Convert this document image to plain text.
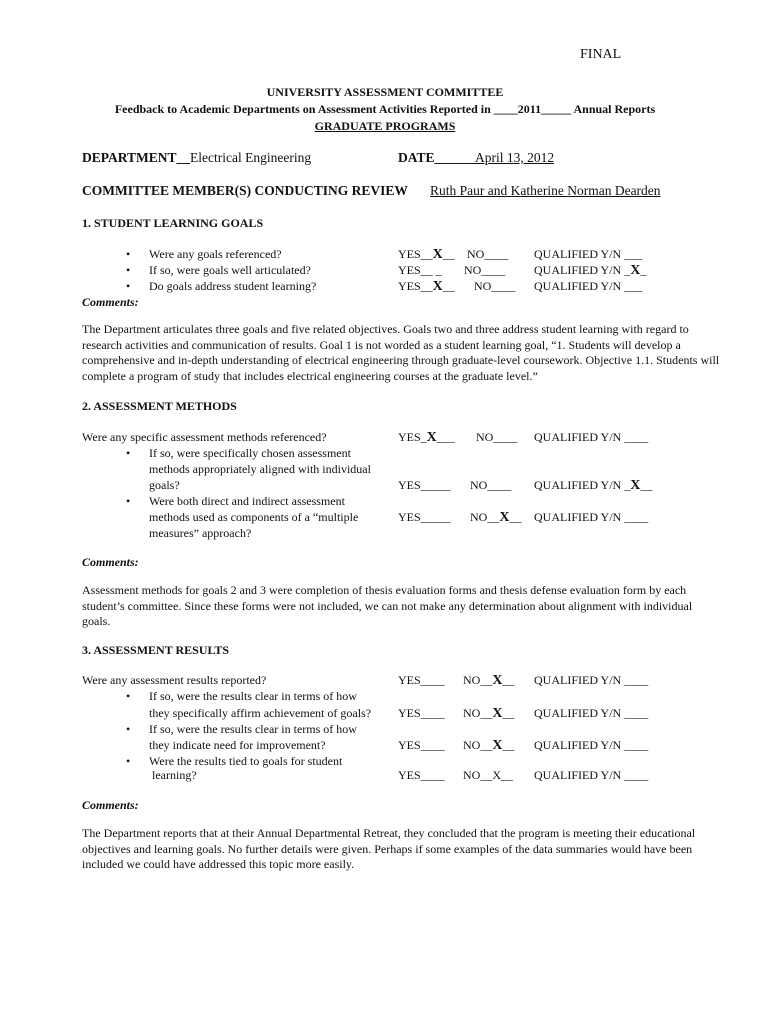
FINAL
UNIVERSITY ASSESSMENT COMMITTEE
Feedback to Academic Departments on Assessment Activities Reported in ____2011_____ Annual Reports
GRADUATE PROGRAMS
DEPARTMENT__Electrical Engineering	DATE______April 13, 2012
COMMITTEE MEMBER(S) CONDUCTING REVIEW Ruth Paur and Katherine Norman Dearden
1. STUDENT LEARNING GOALS
• Were any goals referenced?	YES__X__ NO____ QUALIFIED Y/N ___
• If so, were goals well articulated?	YES__ _ NO____ QUALIFIED Y/N _X_
• Do goals address student learning?	YES__X__ NO____ QUALIFIED Y/N ___
Comments:
The Department articulates three goals and five related objectives. Goals two and three address student learning with regard to research activities and communication of results. Goal 1 is not worded as a student learning goal, “1. Students will develop a comprehensive and in-depth understanding of electrical engineering through graduate-level coursework. Objective 1.1. Students will complete a program of study that includes electrical engineering courses at the graduate level.”
2. ASSESSMENT METHODS
Were any specific assessment methods referenced?	YES_X___ NO____ QUALIFIED Y/N ____
• If so, were specifically chosen assessment
methods appropriately aligned with individual
goals?	YES_____ NO____ QUALIFIED Y/N _X__
• Were both direct and indirect assessment
methods used as components of a “multiple
measures” approach?
YES_____ NO__X__ QUALIFIED Y/N ____
Comments:
Assessment methods for goals 2 and 3 were completion of thesis evaluation forms and thesis defense evaluation form by each student’s committee. Since these forms were not included, we can not make any determination about alignment with individual goals.
3. ASSESSMENT RESULTS
Were any assessment results reported?	YES____ NO__X__ QUALIFIED Y/N ____
• If so, were the results clear in terms of how
they specifically affirm achievement of goals? YES____ NO__X__ QUALIFIED Y/N ____
• If so, were the results clear in terms of how
they indicate need for improvement?	YES____ NO__X__ QUALIFIED Y/N ____
• Were the results tied to goals for student
learning?	YES____ NO__X__ QUALIFIED Y/N ____
Comments:
The Department reports that at their Annual Departmental Retreat, they concluded that the program is meeting their educational objectives and learning goals. No further details were given. Perhaps if some examples of the data summaries would have been included we could have addressed this topic more easily.
